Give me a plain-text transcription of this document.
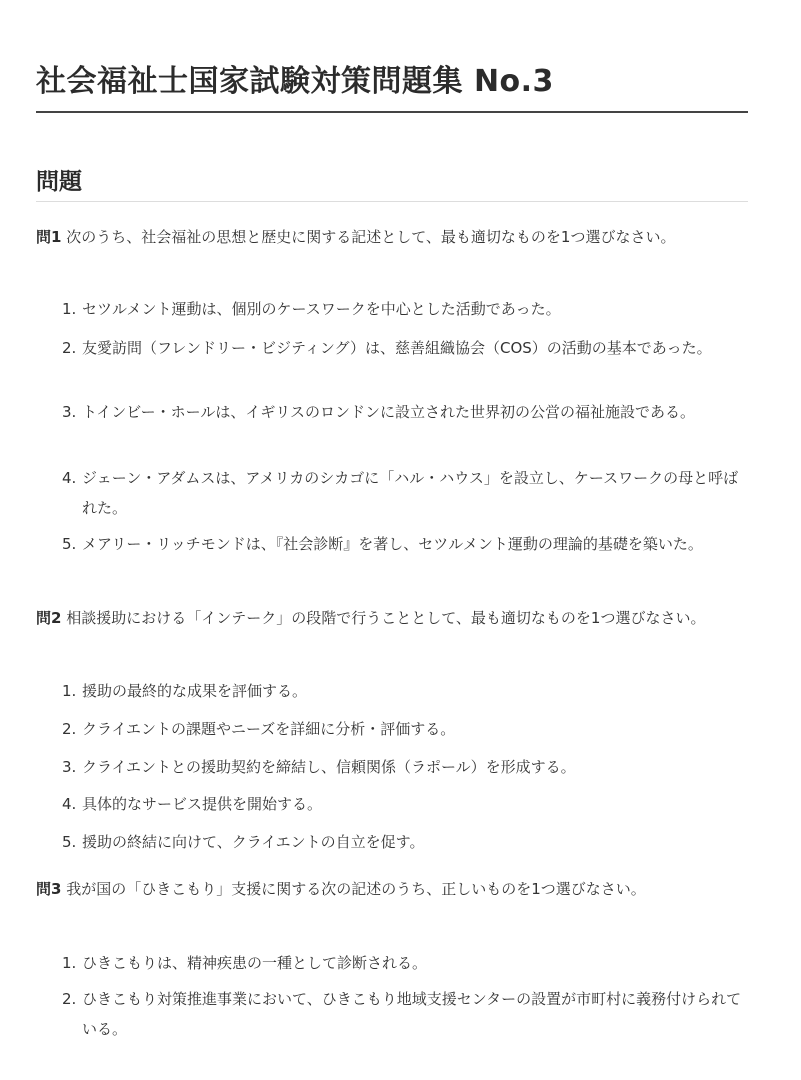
社会福祉士国家試験対策問題集 No.3
問題

問1 次のうち、社会福祉の思想と歴史に関する記述として、最も適切なものを1つ選びなさい。

1. セツルメント運動は、個別のケースワークを中心とした活動であった。
2. 友愛訪問（フレンドリー・ビジティング）は、慈善組織協会（COS）の活動の基本であった。
3. トインビー・ホールは、イギリスのロンドンに設立された世界初の公営の福祉施設である。
4. ジェーン・アダムスは、アメリカのシカゴに「ハル・ハウス」を設立し、ケースワークの母と呼ばれた。
5. メアリー・リッチモンドは、『社会診断』を著し、セツルメント運動の理論的基礎を築いた。

問2 相談援助における「インテーク」の段階で行うこととして、最も適切なものを1つ選びなさい。

1. 援助の最終的な成果を評価する。
2. クライエントの課題やニーズを詳細に分析・評価する。
3. クライエントとの援助契約を締結し、信頼関係（ラポール）を形成する。
4. 具体的なサービス提供を開始する。
5. 援助の終結に向けて、クライエントの自立を促す。

問3 我が国の「ひきこもり」支援に関する次の記述のうち、正しいものを1つ選びなさい。

1. ひきこもりは、精神疾患の一種として診断される。
2. ひきこもり対策推進事業において、ひきこもり地域支援センターの設置が市町村に義務付けられている。
